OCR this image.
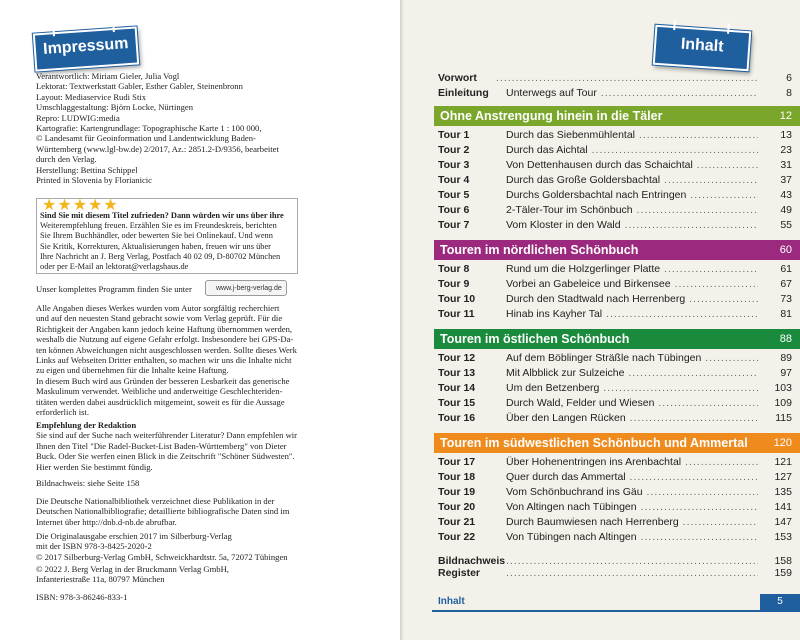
Impressum

Verantwortlich: Miriam Gieler, Julia Vogl

Lektorat: Textwerkstatt Gabler, Esther Gabler, Steinenbronn

Layout: Mediaservice Rudi Stix

Umschlaggestaltung: Björn Locke, Nürtingen

Repro: LUDWIG:media

Kartografie: Kartengrundlage: Topographische Karte 1 : 100 000,

© Landesamt für Geoinformation und Landentwicklung Baden-

Württemberg (www.lgl-bw.de) 2/2017, Az.: 2851.2-D/9356, bearbeitet

durch den Verlag.

Herstellung: Bettina Schippel

Printed in Slovenia by Florianicic

Sind Sie mit diesem Titel zufrieden? Dann würden wir uns über ihre

Weiterempfehlung freuen. Erzählen Sie es im Freundeskreis, berichten

Sie Ihrem Buchhändler, oder bewerten Sie bei Onlinekauf. Und wenn

Sie Kritik, Korrekturen, Aktualisierungen haben, freuen wir uns über

Ihre Nachricht an J. Berg Verlag, Postfach 40 02 09, D-80702 München

oder per E-Mail an lektorat@verlagshaus.de

★★★★★
Unser komplettes Programm finden Sie unter	www.j-berg-verlag.de

Alle Angaben dieses Werkes wurden vom Autor sorgfältig recherchiert

und auf den neuesten Stand gebracht sowie vom Verlag geprüft. Für die

Richtigkeit der Angaben kann jedoch keine Haftung übernommen werden,

weshalb die Nutzung auf eigene Gefahr erfolgt. Insbesondere bei GPS-Da-

ten können Abweichungen nicht ausgeschlossen werden. Sollte dieses Werk

Links auf Webseiten Dritter enthalten, so machen wir uns die Inhalte nicht

zu eigen und übernehmen für die Inhalte keine Haftung.

In diesem Buch wird aus Gründen der besseren Lesbarkeit das generische

Maskulinum verwendet. Weibliche und anderweitige Geschlechteriden-

titäten werden dabei ausdrücklich mitgemeint, soweit es für die Aussage

erforderlich ist.

Empfehlung der Redaktion

Sie sind auf der Suche nach weiterführender Literatur? Dann empfehlen wir

Ihnen den Titel "Die Radel-Bucket-List Baden-Württemberg" von Dieter

Buck. Oder Sie werfen einen Blick in die Zeitschrift "Schöner Südwesten".

Hier werden Sie bestimmt fündig.

Bildnachweis: siehe Seite 158

Die Deutsche Nationalbibliothek verzeichnet diese Publikation in der

Deutschen Nationalbibliografie; detaillierte bibliografische Daten sind im

Internet über http://dnb.d-nb.de abrufbar.

Die Originalausgabe erschien 2017 im Silberburg-Verlag

mit der ISBN 978-3-8425-2020-2

© 2017 Silberburg-Verlag GmbH, Schweickhardtstr. 5a, 72072 Tübingen

© 2022 J. Berg Verlag in der Bruckmann Verlag GmbH,

Infanteriestraße 11a, 80797 München

ISBN: 978-3-86246-833-1
Inhalt
Vorwort .....	6
Einleitung Unterwegs auf Tour .....	8
Ohne Anstrengung hinein in die Täler	12
Tour 1	Durch das Siebenmühlental .....	13
Tour 2	Durch das Aichtal .....	23
Tour 3	Von Dettenhausen durch das Schaichtal .....	31
Tour 4	Durch das Große Goldersbachtal .....	37
Tour 5	Durchs Goldersbachtal nach Entringen .....	43
Tour 6	2-Täler-Tour im Schönbuch .....	49
Tour 7	Vom Kloster in den Wald .....	55
Touren im nördlichen Schönbuch	60
Tour 8	Rund um die Holzgerlinger Platte .....	61
Tour 9	Vorbei an Gabeleice und Birkensee .....	67
Tour 10	Durch den Stadtwald nach Herrenberg .....	73
Tour 11	Hinab ins Kayher Tal .....	81
Touren im östlichen Schönbuch	88
Tour 12	Auf dem Böblinger Sträßle nach Tübingen .....	89
Tour 13	Mit Albblick zur Sulzeiche .....	97
Tour 14	Um den Betzenberg .....	103
Tour 15	Durch Wald, Felder und Wiesen .....	109
Tour 16	Über den Langen Rücken .....	115
Touren im südwestlichen Schönbuch und Ammertal 120
Tour 17	Über Hohenentringen ins Arenbachtal .....	121
Tour 18	Quer durch das Ammertal .....	127
Tour 19	Vom Schönbuchrand ins Gäu .....	135
Tour 20	Von Altingen nach Tübingen .....	141
Tour 21	Durch Baumwiesen nach Herrenberg .....	147
Tour 22	Von Tübingen nach Altingen .....	153
Bildnachweis .....	158
Register .....	159
Inhalt	5
